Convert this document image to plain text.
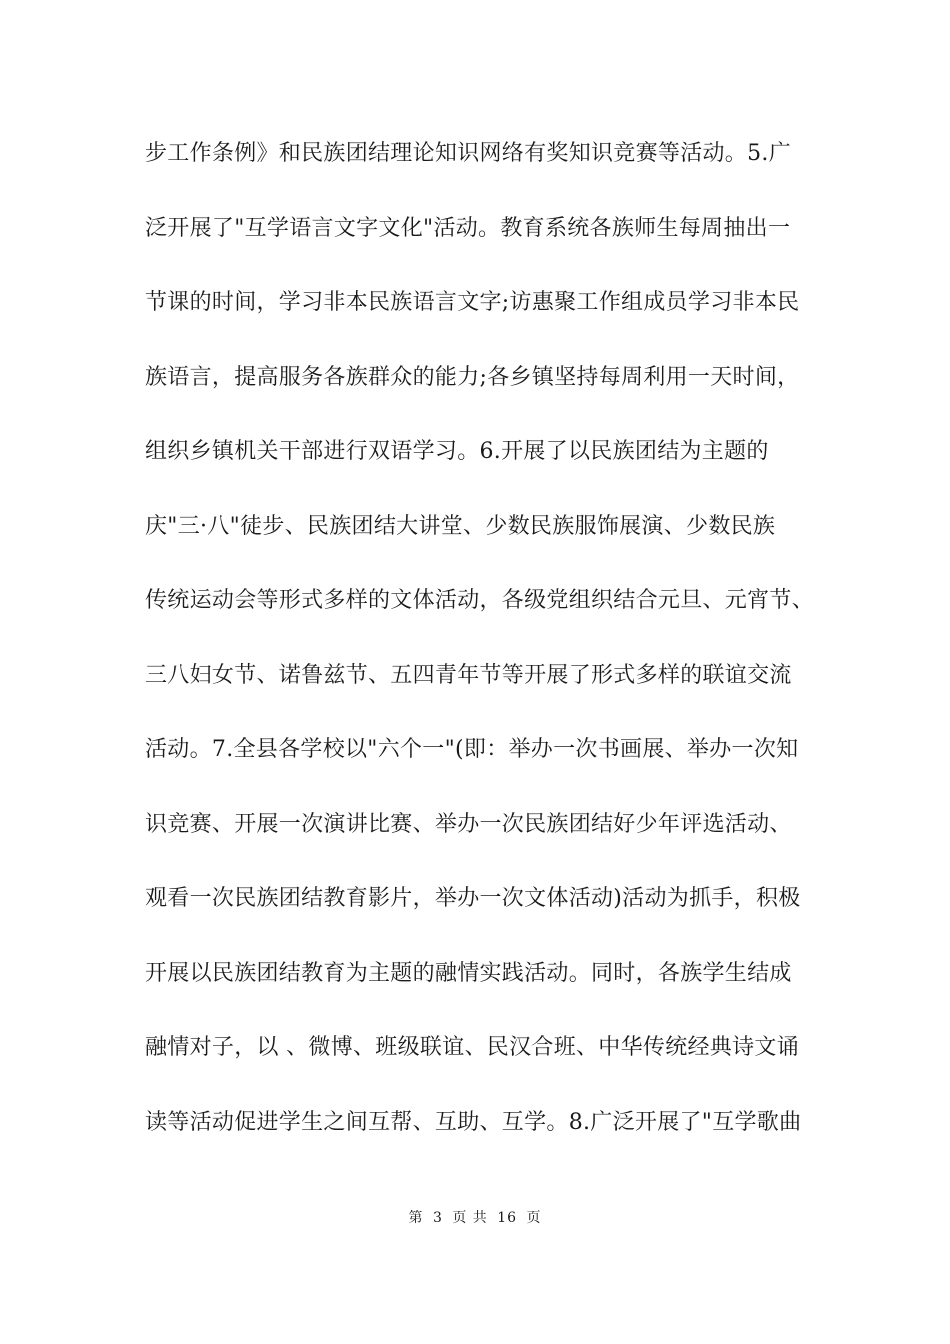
步工作条例》和民族团结理论知识网络有奖知识竞赛等活动。5.广
泛开展了"互学语言文字文化"活动。教育系统各族师生每周抽出一
节课的时间，学习非本民族语言文字;访惠聚工作组成员学习非本民
族语言，提高服务各族群众的能力;各乡镇坚持每周利用一天时间，
组织乡镇机关干部进行双语学习。6.开展了以民族团结为主题的
庆"三·八"徒步、民族团结大讲堂、少数民族服饰展演、少数民族
传统运动会等形式多样的文体活动，各级党组织结合元旦、元宵节、
三八妇女节、诺鲁兹节、五四青年节等开展了形式多样的联谊交流
活动。7.全县各学校以"六个一"(即：举办一次书画展、举办一次知
识竞赛、开展一次演讲比赛、举办一次民族团结好少年评选活动、
观看一次民族团结教育影片，举办一次文体活动)活动为抓手，积极
开展以民族团结教育为主题的融情实践活动。同时，各族学生结成
融情对子，以 、微博、班级联谊、民汉合班、中华传统经典诗文诵
读等活动促进学生之间互帮、互助、互学。8.广泛开展了"互学歌曲
第 3 页 共 16 页
